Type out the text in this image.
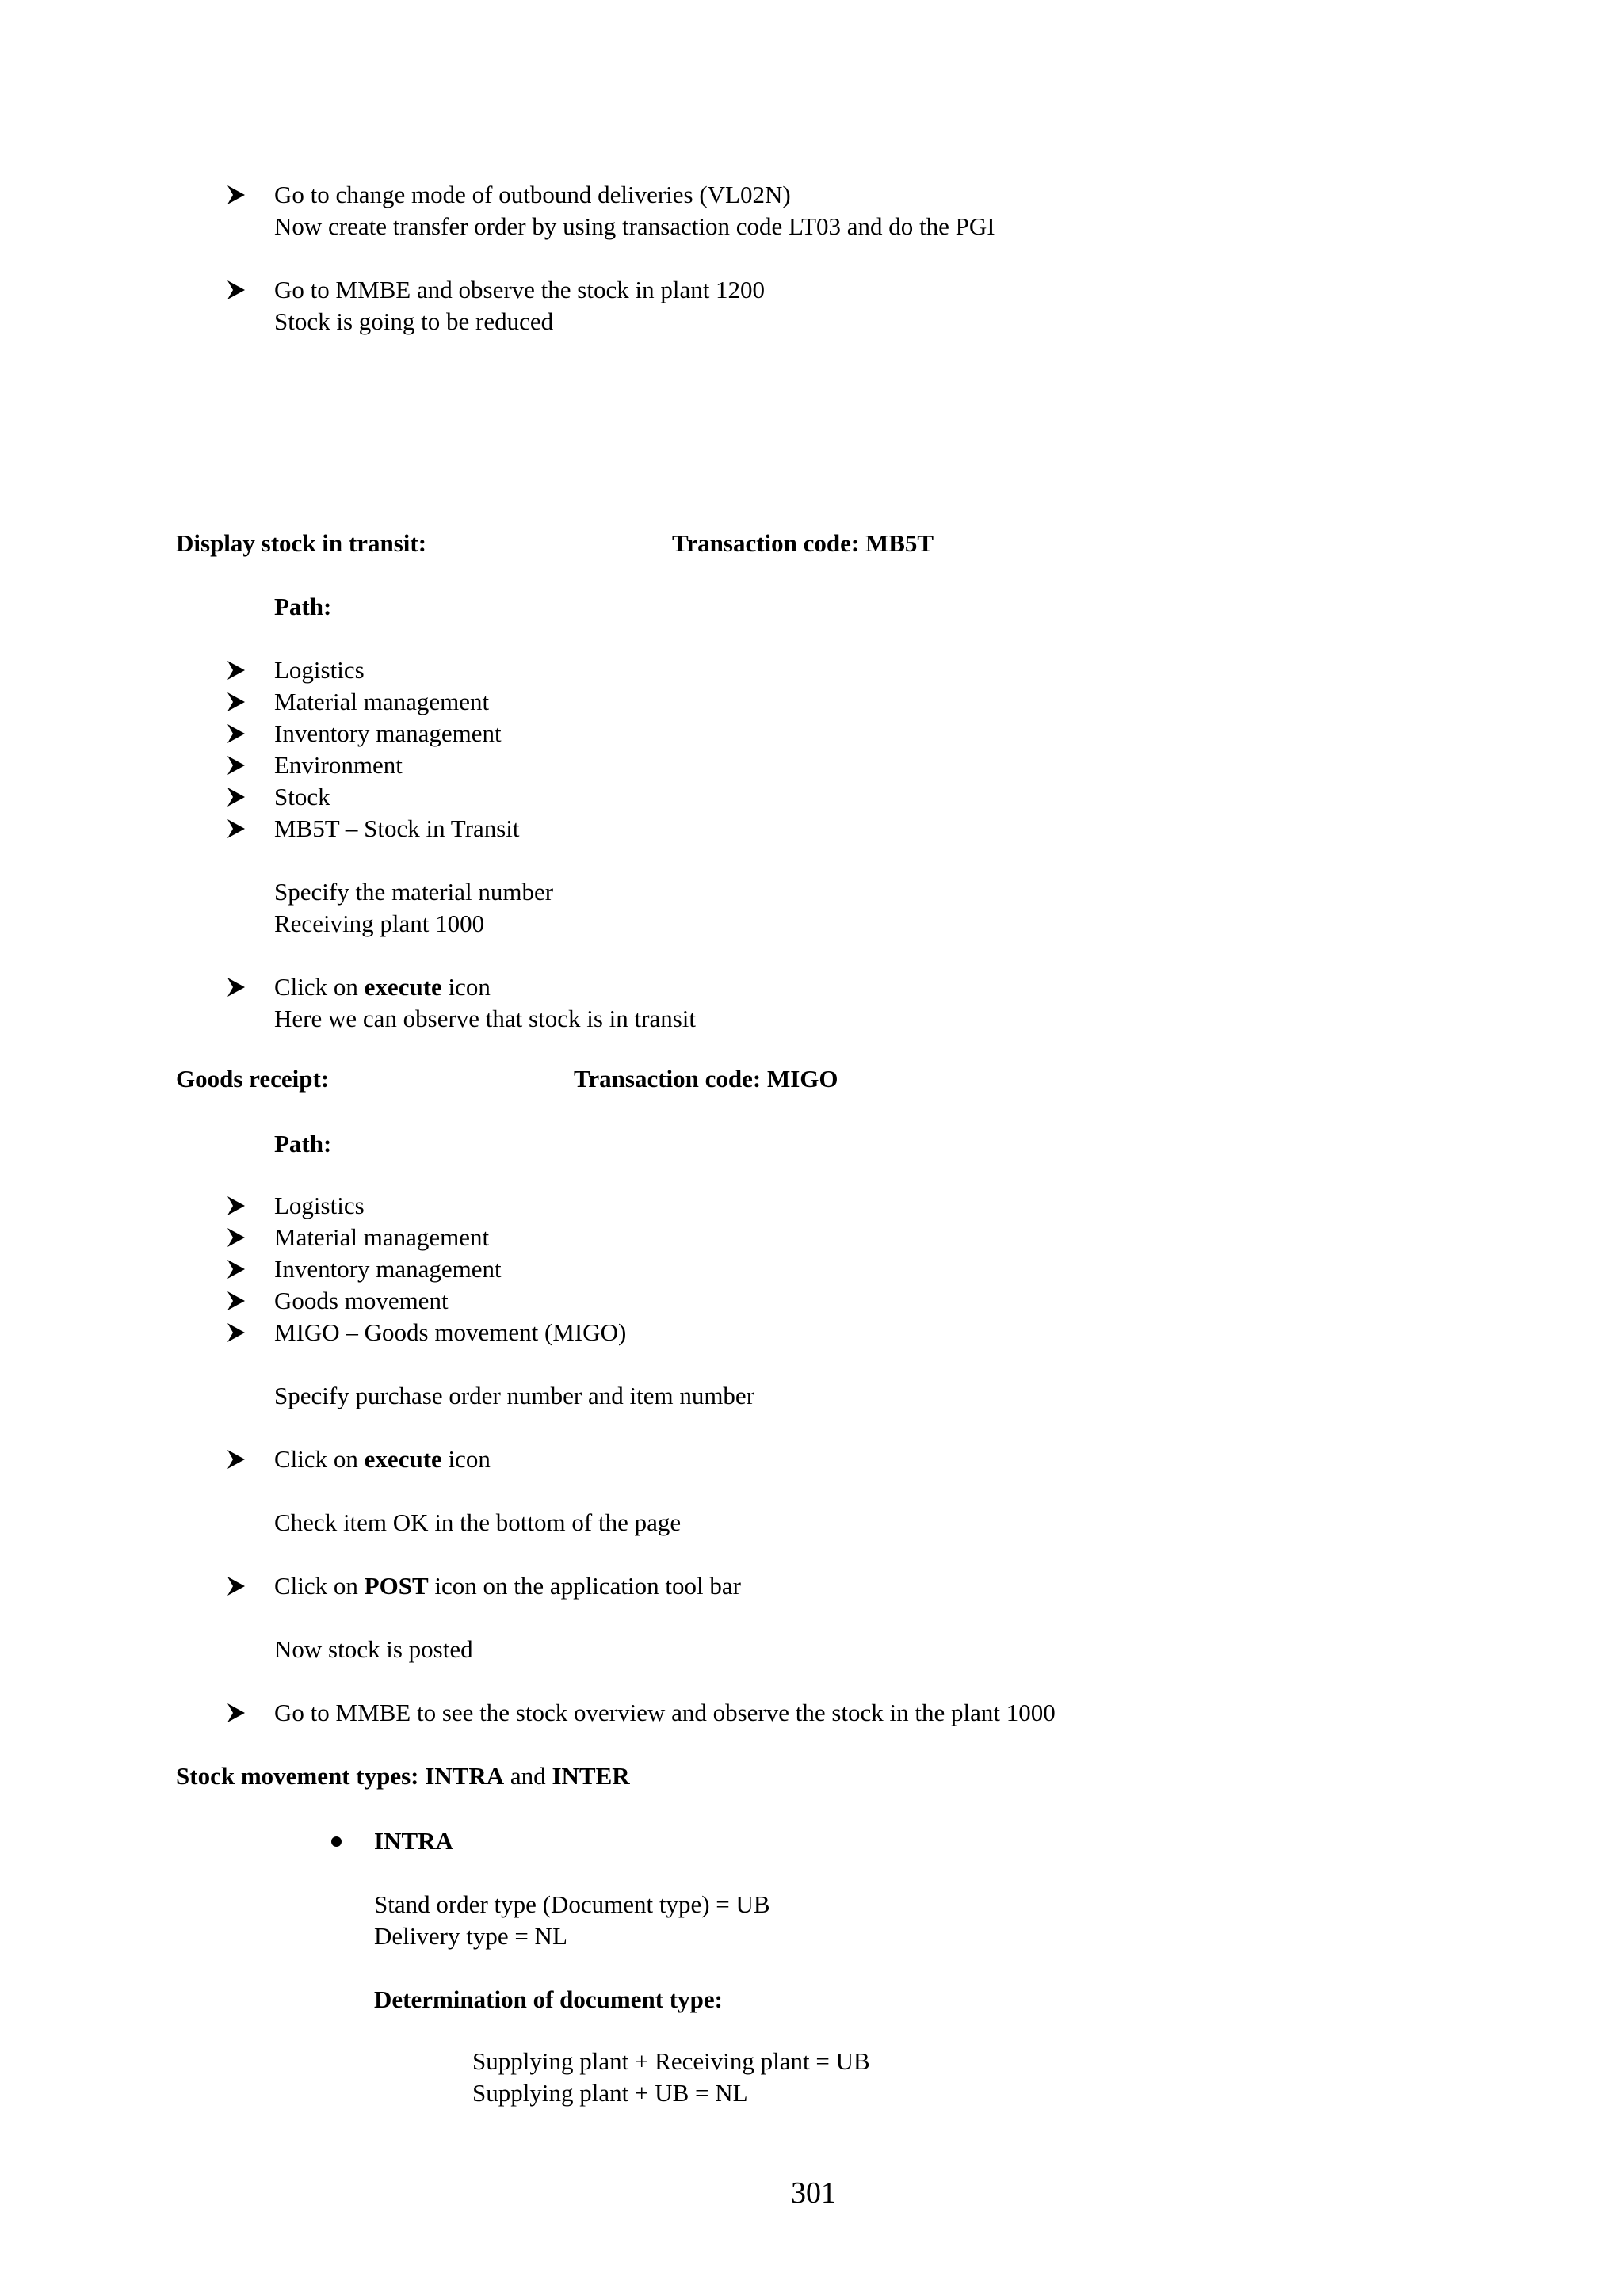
Go to change mode of outbound deliveries (VL02N)
Now create transfer order by using transaction code LT03 and do the PGI
Go to MMBE and observe the stock in plant 1200
Stock is going to be reduced
Display stock in transit:	Transaction code: MB5T
Path:
Logistics
Material management
Inventory management
Environment
Stock
MB5T – Stock in Transit
Specify the material number
Receiving plant 1000
Click on execute icon
Here we can observe that stock is in transit
Goods receipt:	Transaction code: MIGO
Path:
Logistics
Material management
Inventory management
Goods movement
MIGO – Goods movement (MIGO)
Specify purchase order number and item number
Click on execute icon
Check item OK in the bottom of the page
Click on POST icon on the application tool bar
Now stock is posted
Go to MMBE to see the stock overview and observe the stock in the plant 1000
Stock movement types: INTRA and INTER
INTRA
Stand order type (Document type) = UB
Delivery type = NL
Determination of document type:
Supplying plant + Receiving plant = UB
Supplying plant + UB = NL
301
